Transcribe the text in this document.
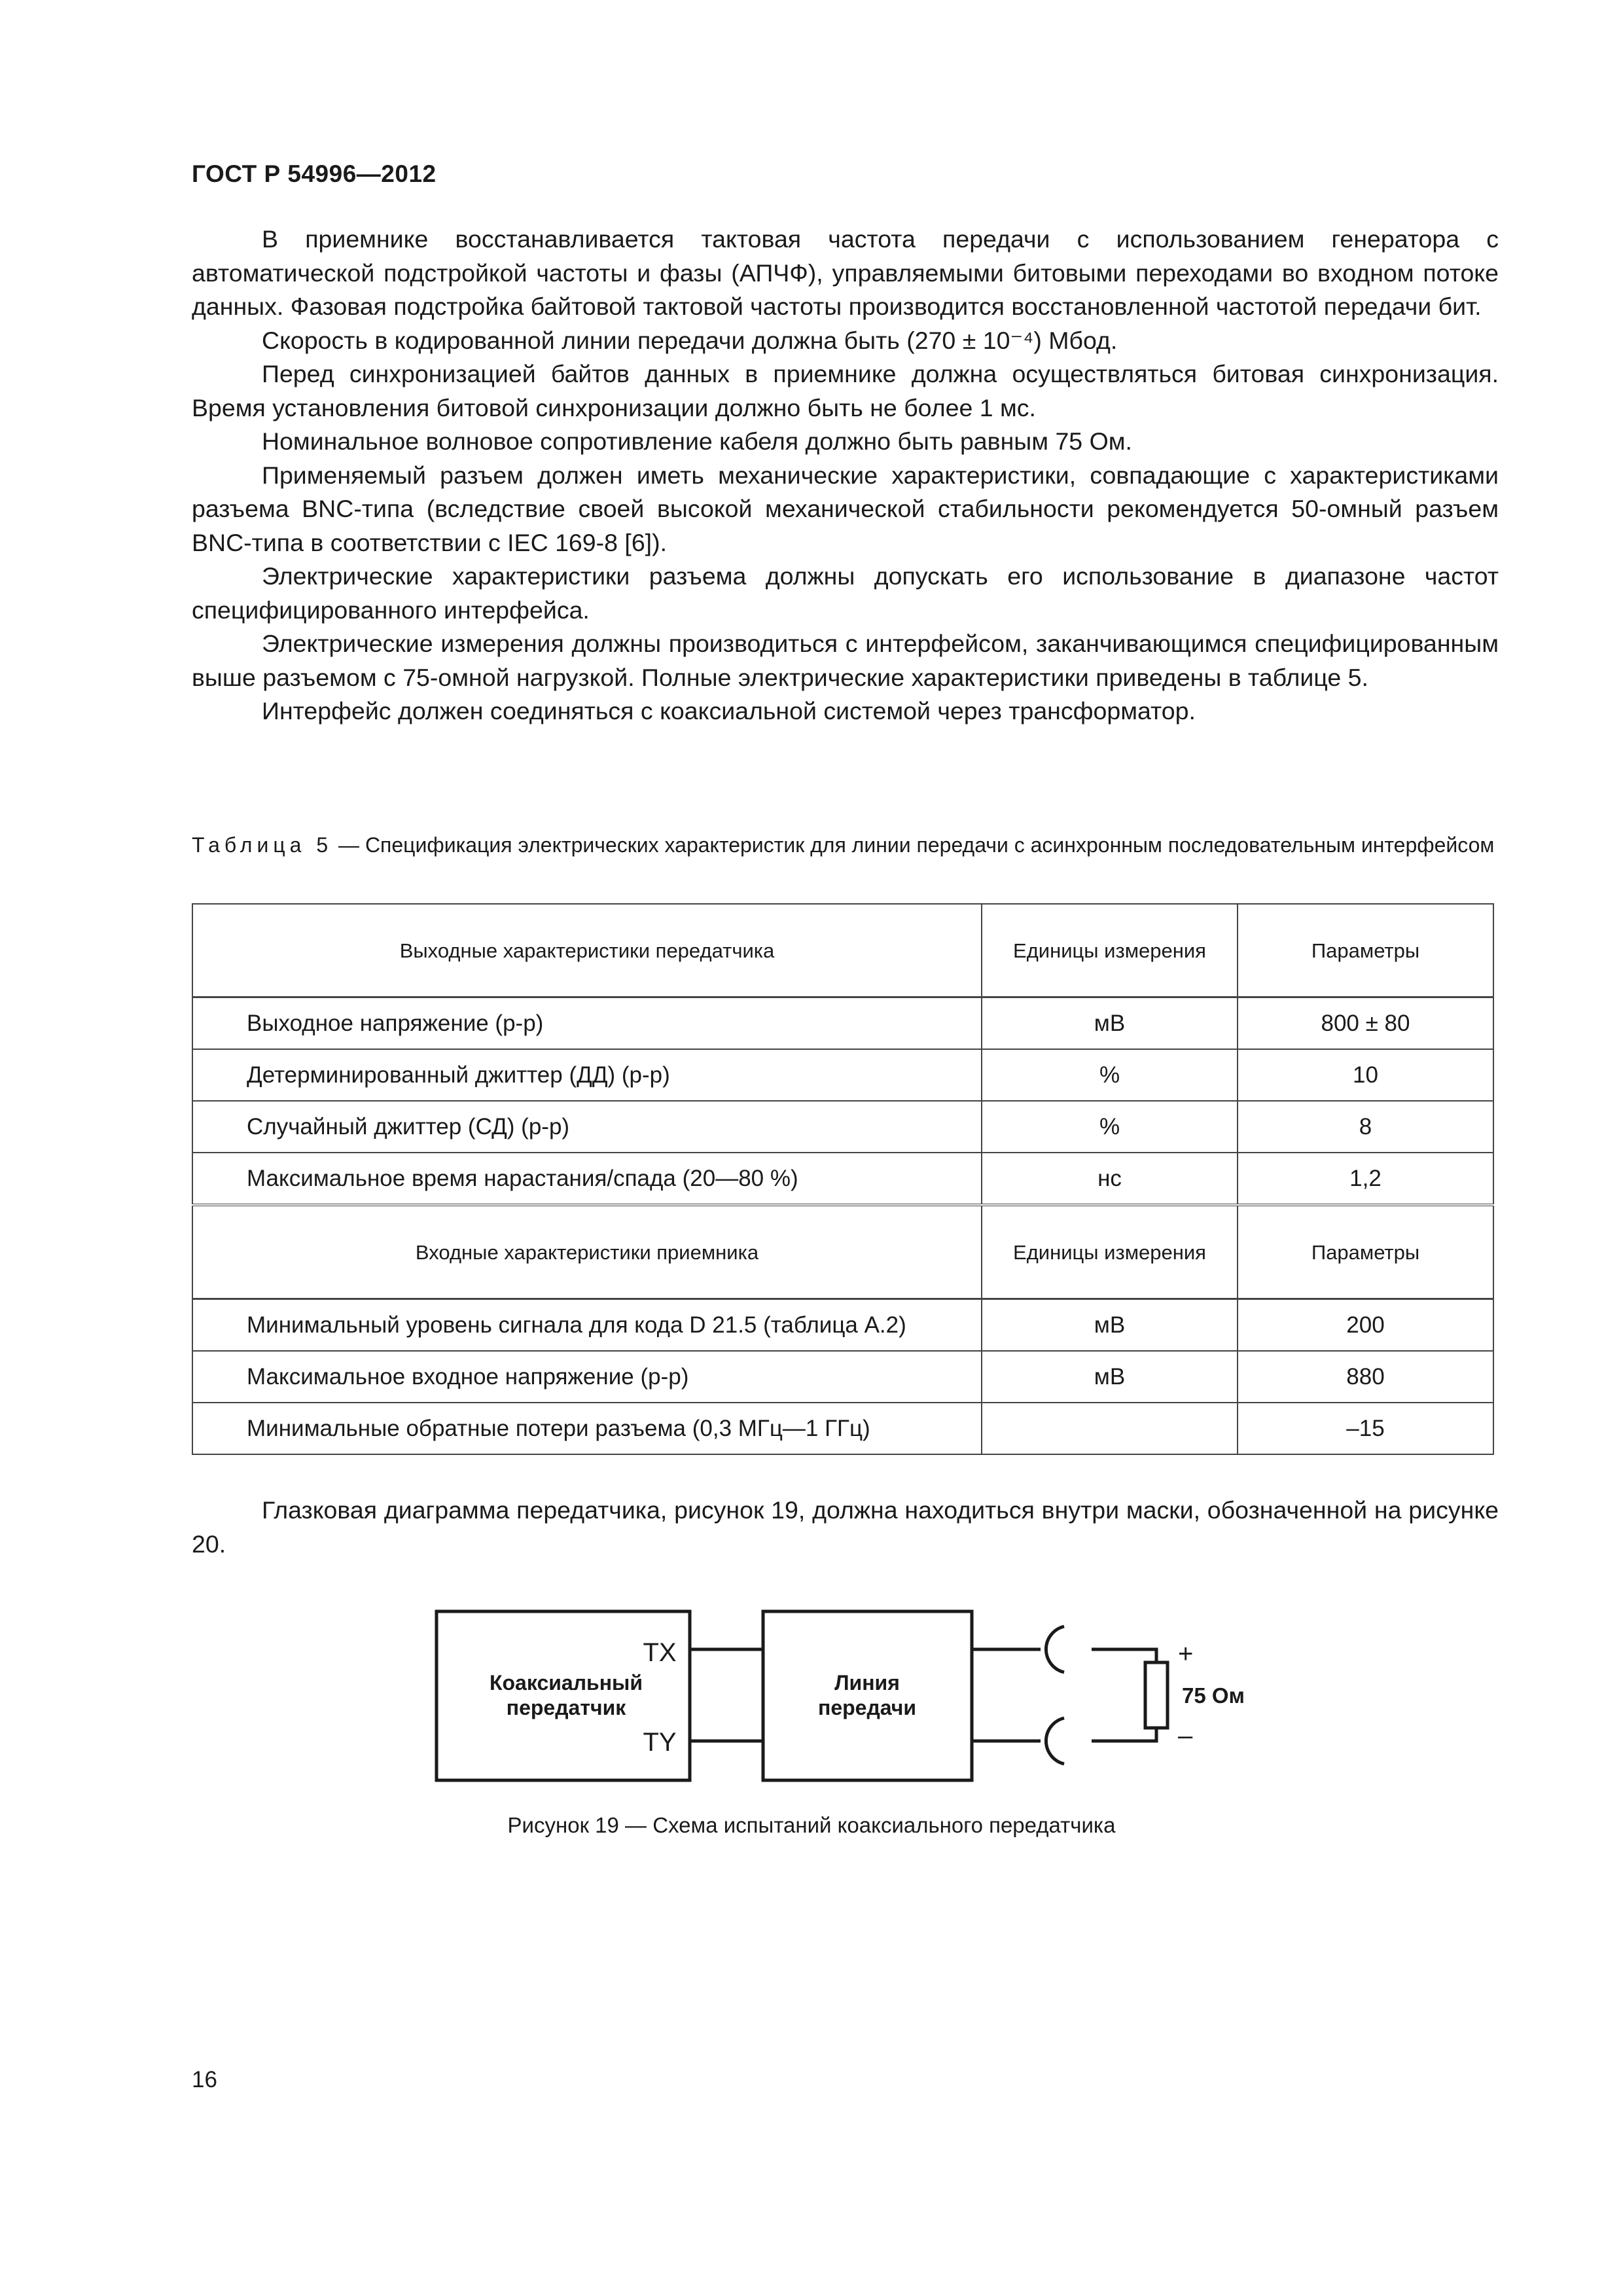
ГОСТ Р 54996—2012

В приемнике восстанавливается тактовая частота передачи с использованием генератора с автоматической подстройкой частоты и фазы (АПЧФ), управляемыми битовыми переходами во входном потоке данных. Фазовая подстройка байтовой тактовой частоты производится восстановленной частотой передачи бит.

Скорость в кодированной линии передачи должна быть (270 ± 10⁻⁴) Мбод.

Перед синхронизацией байтов данных в приемнике должна осуществляться битовая синхронизация. Время установления битовой синхронизации должно быть не более 1 мс.

Номинальное волновое сопротивление кабеля должно быть равным 75 Ом.

Применяемый разъем должен иметь механические характеристики, совпадающие с характеристиками разъема BNC-типа (вследствие своей высокой механической стабильности рекомендуется 50-омный разъем BNC-типа в соответствии с IEC 169-8 [6]).

Электрические характеристики разъема должны допускать его использование в диапазоне частот специфицированного интерфейса.

Электрические измерения должны производиться с интерфейсом, заканчивающимся специфицированным выше разъемом с 75-омной нагрузкой. Полные электрические характеристики приведены в таблице 5.

Интерфейс должен соединяться с коаксиальной системой через трансформатор.

Таблица 5 — Спецификация электрических характеристик для линии передачи с асинхронным последовательным интерфейсом
Выходные характеристики передатчика	Единицы измерения	Параметры
Выходное напряжение (р-р)	мВ	800 ± 80
Детерминированный джиттер (ДД) (р-р)	%	10
Случайный джиттер (СД) (р-р)	%	8
Максимальное время нарастания/спада (20—80 %)	нс	1,2
Входные характеристики приемника	Единицы измерения	Параметры
Минимальный уровень сигнала для кода D 21.5 (таблица А.2)	мВ	200
Максимальное входное напряжение (р-р)	мВ	880
Минимальные обратные потери разъема (0,3 МГц—1 ГГц)		–15

Глазковая диаграмма передатчика, рисунок 19, должна находиться внутри маски, обозначенной на рисунке 20.

TX
TY
Коаксиальный
передатчик
Линия
передачи
+
–
75 Ом
Рисунок 19 — Схема испытаний коаксиального передатчика
16
